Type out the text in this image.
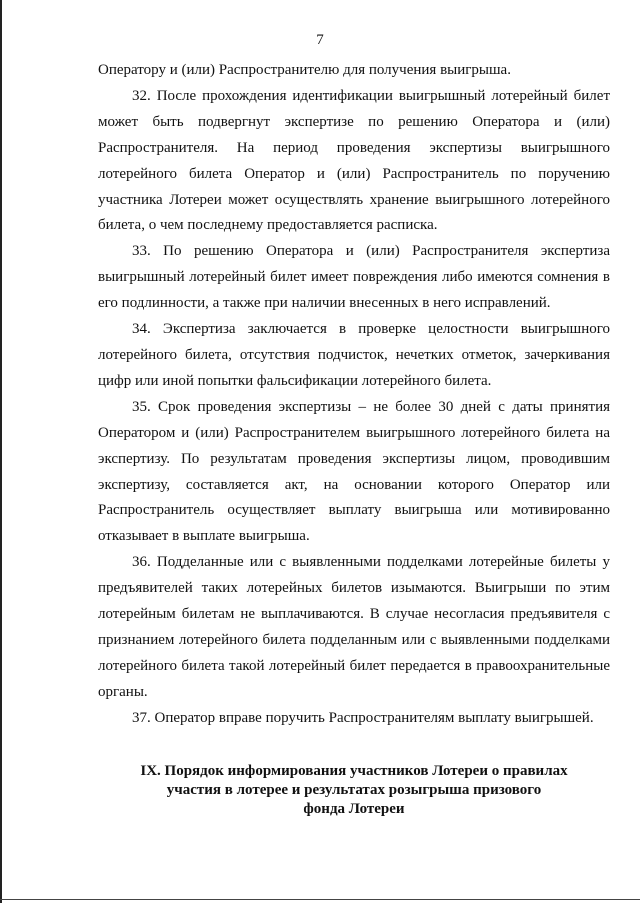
7

Оператору и (или) Распространителю для получения выигрыша.

32. После прохождения идентификации выигрышный лотерейный билет может быть подвергнут экспертизе по решению Оператора и (или) Распространителя. На период проведения экспертизы выигрышного лотерейного билета Оператор и (или) Распространитель по поручению участника Лотереи может осуществлять хранение выигрышного лотерейного билета, о чем последнему предоставляется расписка.

33. По решению Оператора и (или) Распространителя экспертиза выигрышный лотерейный билет имеет повреждения либо имеются сомнения в его подлинности, а также при наличии внесенных в него исправлений.

34. Экспертиза заключается в проверке целостности выигрышного лотерейного билета, отсутствия подчисток, нечетких отметок, зачеркивания цифр или иной попытки фальсификации лотерейного билета.

35. Срок проведения экспертизы – не более 30 дней с даты принятия Оператором и (или) Распространителем выигрышного лотерейного билета на экспертизу. По результатам проведения экспертизы лицом, проводившим экспертизу, составляется акт, на основании которого Оператор или Распространитель осуществляет выплату выигрыша или мотивированно отказывает в выплате выигрыша.

36. Подделанные или с выявленными подделками лотерейные билеты у предъявителей таких лотерейных билетов изымаются. Выигрыши по этим лотерейным билетам не выплачиваются. В случае несогласия предъявителя с признанием лотерейного билета подделанным или с выявленными подделками лотерейного билета такой лотерейный билет передается в правоохранительные органы.

37. Оператор вправе поручить Распространителям выплату выигрышей.

IX. Порядок информирования участников Лотереи о правилах
участия в лотерее и результатах розыгрыша призового
фонда Лотереи
